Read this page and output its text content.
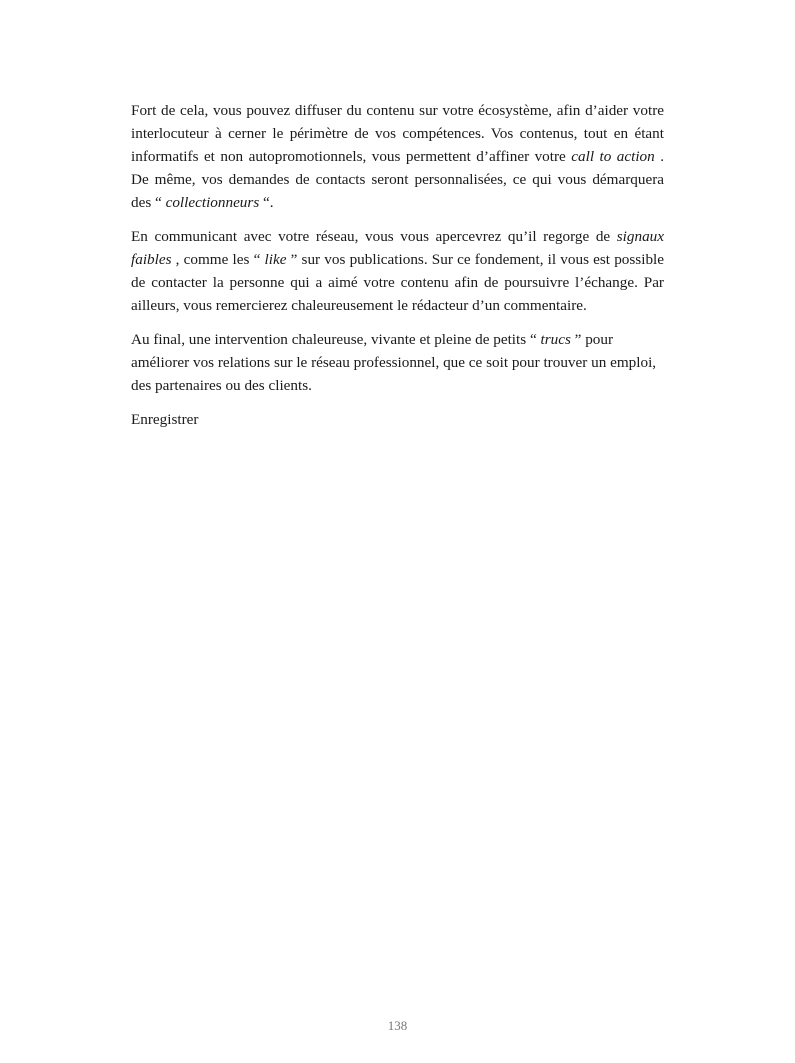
Fort de cela, vous pouvez diffuser du contenu sur votre écosystème, afin d’aider votre interlocuteur à cerner le périmètre de vos compétences. Vos contenus, tout en étant informatifs et non autopromotionnels, vous permettent d’affiner votre call to action . De même, vos demandes de contacts seront personnalisées, ce qui vous démarquera des “ collectionneurs “.

En communicant avec votre réseau, vous vous apercevrez qu’il regorge de signaux faibles , comme les “ like ” sur vos publications. Sur ce fondement, il vous est possible de contacter la personne qui a aimé votre contenu afin de poursuivre l’échange. Par ailleurs, vous remercierez chaleureusement le rédacteur d’un commentaire.

Au final, une intervention chaleureuse, vivante et pleine de petits “ trucs ” pour améliorer vos relations sur le réseau professionnel, que ce soit pour trouver un emploi, des partenaires ou des clients.

Enregistrer

138
